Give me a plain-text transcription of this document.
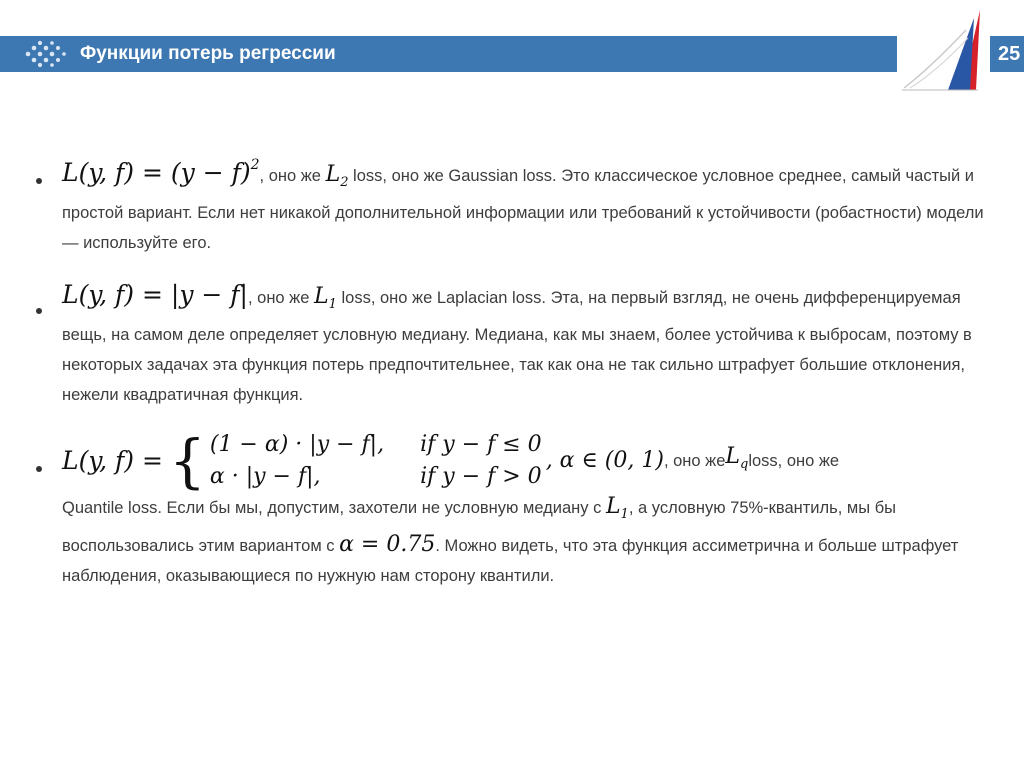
Функции потерь регрессии	25
L(y, $f) = (y - f)^2$, оно же $L_2$ loss, оно же Gaussian loss. Это классическое условное среднее, самый частый и простой вариант. Если нет никакой дополнительной информации или требований к устойчивости (робастности) модели — используйте его.
L(y, f) = |y − f|, оно же $L_1$ loss, оно же Laplacian loss. Эта, на первый взгляд, не очень дифференцируемая вещь, на самом деле определяет условную медиану. Медиана, как мы знаем, более устойчива к выбросам, поэтому в некоторых задачах эта функция потерь предпочтительнее, так как она не так сильно штрафует большие отклонения, нежели квадратичная функция.
L(y, f) = { (1 − α) · |y − f|, if y − f ≤ 0
α · |y − f|,	if y − f > 0
, α ∈ (0, 1) , оно же $L_q$ loss, оно же
Quantile loss. Если бы мы, допустим, захотели не условную медиану с $L_1$, а условную 75%-квантиль, мы бы воспользовались этим вариантом с α = 0.75. Можно видеть, что эта функция ассиметрична и больше штрафует наблюдения, оказывающиеся по нужную нам сторону квантили.
